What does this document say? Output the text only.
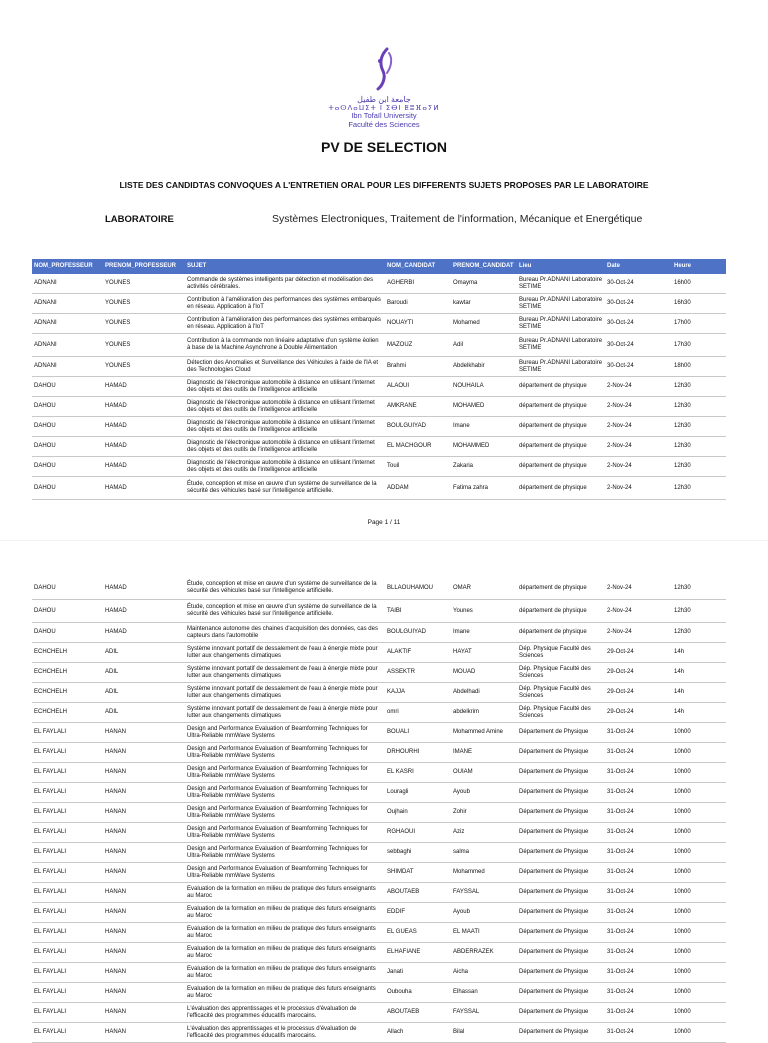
جامعة ابن طفيل
ⵜⴰⵙⴷⴰⵡⵉⵜ ⵏ ⵉⴱⵏ ⵟⵓⴼⴰⵢⵍ
Ibn Tofaïl University
Faculté des Sciences
PV DE SELECTION
LISTE DES CANDIDTAS CONVOQUES A L'ENTRETIEN ORAL POUR LES DIFFERENTS SUJETS PROPOSES PAR LE LABORATOIRE
LABORATOIRE	Systèmes Electroniques, Traitement de l'information, Mécanique et Energétique
NOM_PROFESSEUR	PRENOM_PROFESSEUR	SUJET	NOM_CANDIDAT	PRENOM_CANDIDAT	Lieu	Date	Heure
ADNANI	YOUNES	Commande de systèmes intelligents par détection et modélisation des activités cérébrales.	AGHERBI	Omayma	Bureau Pr.ADNANI Laboratoire SETIME	30-Oct-24	16h00
ADNANI	YOUNES	Contribution à l'amélioration des performances des systèmes embarqués en réseau. Application à l'IoT	Baroudi	kawtar	Bureau Pr.ADNANI Laboratoire SETIME	30-Oct-24	16h30
ADNANI	YOUNES	Contribution à l'amélioration des performances des systèmes embarqués en réseau. Application à l'IoT	NOUAYTI	Mohamed	Bureau Pr.ADNANI Laboratoire SETIME	30-Oct-24	17h00
ADNANI	YOUNES	Contribution à la commande non linéaire adaptative d'un système éolien à base de la Machine Asynchrone à Double Alimentation	MAZOUZ	Adil	Bureau Pr.ADNANI Laboratoire SETIME	30-Oct-24	17h30
ADNANI	YOUNES	Détection des Anomalies et Surveillance des Véhicules à l'aide de l'IA et des Technologies Cloud	Brahmi	Abdelkhabir	Bureau Pr.ADNANI Laboratoire SETIME	30-Oct-24	18h00
DAHOU	HAMAD	Diagnostic de l'électronique automobile à distance en utilisant l'internet des objets et des outils de l'intelligence artificielle	ALAOUI	NOUHAILA	département de physique	2-Nov-24	12h30
DAHOU	HAMAD	Diagnostic de l'électronique automobile à distance en utilisant l'internet des objets et des outils de l'intelligence artificielle	AMKRANE	MOHAMED	département de physique	2-Nov-24	12h30
DAHOU	HAMAD	Diagnostic de l'électronique automobile à distance en utilisant l'internet des objets et des outils de l'intelligence artificielle	BOULGUIYAD	Imane	département de physique	2-Nov-24	12h30
DAHOU	HAMAD	Diagnostic de l'électronique automobile à distance en utilisant l'internet des objets et des outils de l'intelligence artificielle	EL MACHGOUR	MOHAMMED	département de physique	2-Nov-24	12h30
DAHOU	HAMAD	Diagnostic de l'électronique automobile à distance en utilisant l'internet des objets et des outils de l'intelligence artificielle	Touil	Zakaria	département de physique	2-Nov-24	12h30
DAHOU	HAMAD	Étude, conception et mise en œuvre d'un système de surveillance de la sécurité des véhicules basé sur l'intelligence artificielle.	ADDAM	Fatima zahra	département de physique	2-Nov-24	12h30
Page 1 / 11
DAHOU	HAMAD	Étude, conception et mise en œuvre d'un système de surveillance de la sécurité des véhicules basé sur l'intelligence artificielle.	BLLAOUHAMOU	OMAR	département de physique	2-Nov-24	12h30
DAHOU	HAMAD	Étude, conception et mise en œuvre d'un système de surveillance de la sécurité des véhicules basé sur l'intelligence artificielle.	TAIBI	Younes	département de physique	2-Nov-24	12h30
DAHOU	HAMAD	Maintenance autonome des chaines d'acquisition des données, cas des capteurs dans l'automobile	BOULGUIYAD	Imane	département de physique	2-Nov-24	12h30
ECHCHELH	ADIL	Système innovant portatif de dessalement de l'eau à énergie mixte pour lutter aux changements climatiques	ALAKTIF	HAYAT	Dép. Physique Faculté des Sciences	29-Oct-24	14h
ECHCHELH	ADIL	Système innovant portatif de dessalement de l'eau à énergie mixte pour lutter aux changements climatiques	ASSEKTR	MOUAD	Dép. Physique Faculté des Sciences	29-Oct-24	14h
ECHCHELH	ADIL	Système innovant portatif de dessalement de l'eau à énergie mixte pour lutter aux changements climatiques	KAJJA	Abdelhadi	Dép. Physique Faculté des Sciences	29-Oct-24	14h
ECHCHELH	ADIL	Système innovant portatif de dessalement de l'eau à énergie mixte pour lutter aux changements climatiques	omri	abdelkrim	Dép. Physique Faculté des Sciences	29-Oct-24	14h
EL FAYLALI	HANAN	Design and Performance Evaluation of Beamforming Techniques for Ultra-Reliable mmWave Systems	BOUALI	Mohammed Amine	Département de Physique	31-Oct-24	10h00
EL FAYLALI	HANAN	Design and Performance Evaluation of Beamforming Techniques for Ultra-Reliable mmWave Systems	DRHOURHI	IMANE	Département de Physique	31-Oct-24	10h00
EL FAYLALI	HANAN	Design and Performance Evaluation of Beamforming Techniques for Ultra-Reliable mmWave Systems	EL KASRI	OUIAM	Département de Physique	31-Oct-24	10h00
EL FAYLALI	HANAN	Design and Performance Evaluation of Beamforming Techniques for Ultra-Reliable mmWave Systems	Louragli	Ayoub	Département de Physique	31-Oct-24	10h00
EL FAYLALI	HANAN	Design and Performance Evaluation of Beamforming Techniques for Ultra-Reliable mmWave Systems	Oujhain	Zohir	Département de Physique	31-Oct-24	10h00
EL FAYLALI	HANAN	Design and Performance Evaluation of Beamforming Techniques for Ultra-Reliable mmWave Systems	RGHAOUI	Aziz	Département de Physique	31-Oct-24	10h00
EL FAYLALI	HANAN	Design and Performance Evaluation of Beamforming Techniques for Ultra-Reliable mmWave Systems	sebbaghi	salma	Département de Physique	31-Oct-24	10h00
EL FAYLALI	HANAN	Design and Performance Evaluation of Beamforming Techniques for Ultra-Reliable mmWave Systems	SHIMDAT	Mohammed	Département de Physique	31-Oct-24	10h00
EL FAYLALI	HANAN	Evaluation de la formation en milieu de pratique des futurs enseignants au Maroc	ABOUTAEB	FAYSSAL	Département de Physique	31-Oct-24	10h00
EL FAYLALI	HANAN	Evaluation de la formation en milieu de pratique des futurs enseignants au Maroc	EDDIF	Ayoub	Département de Physique	31-Oct-24	10h00
EL FAYLALI	HANAN	Evaluation de la formation en milieu de pratique des futurs enseignants au Maroc	EL GUEAS	EL MAATI	Département de Physique	31-Oct-24	10h00
EL FAYLALI	HANAN	Evaluation de la formation en milieu de pratique des futurs enseignants au Maroc	ELHAFIANE	ABDERRAZEK	Département de Physique	31-Oct-24	10h00
EL FAYLALI	HANAN	Evaluation de la formation en milieu de pratique des futurs enseignants au Maroc	Janati	Aicha	Département de Physique	31-Oct-24	10h00
EL FAYLALI	HANAN	Evaluation de la formation en milieu de pratique des futurs enseignants au Maroc	Oubouha	Elhassan	Département de Physique	31-Oct-24	10h00
EL FAYLALI	HANAN	L'évaluation des apprentissages et le processus d'évaluation de l'efficacité des programmes éducatifs marocains.	ABOUTAEB	FAYSSAL	Département de Physique	31-Oct-24	10h00
EL FAYLALI	HANAN	L'évaluation des apprentissages et le processus d'évaluation de l'efficacité des programmes éducatifs marocains.	Allach	Bilal	Département de Physique	31-Oct-24	10h00
